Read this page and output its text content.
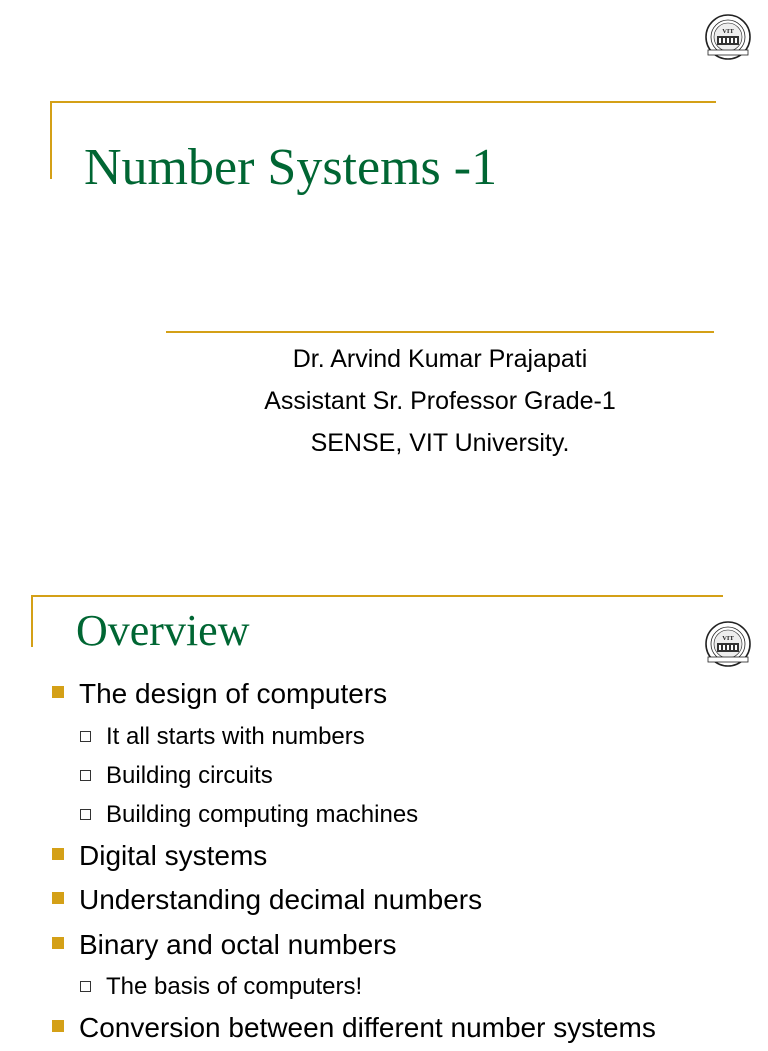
VIT
Number Systems -1
Dr. Arvind Kumar Prajapati
Assistant Sr. Professor Grade-1
SENSE, VIT University.
Overview	VIT
The design of computers
It all starts with numbers
Building circuits
Building computing machines
Digital systems
Understanding decimal numbers
Binary and octal numbers
The basis of computers!
Conversion between different number systems
